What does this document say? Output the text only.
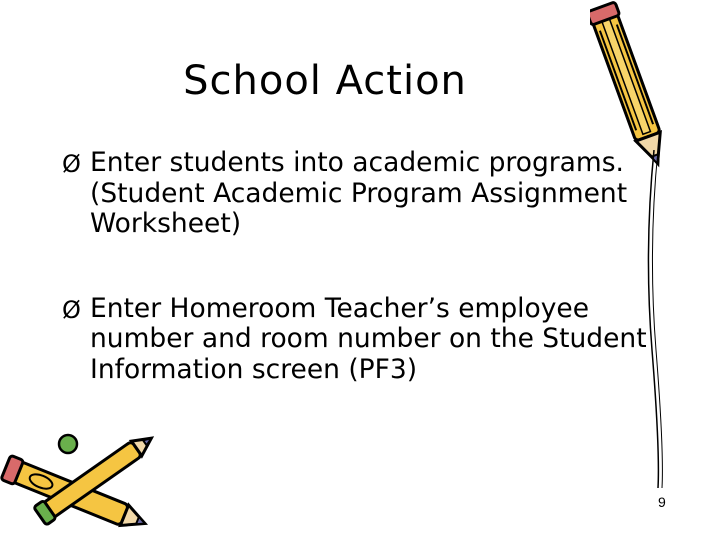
School Action
Ø Enter students into academic programs. (Student Academic Program Assignment Worksheet)
Ø Enter Homeroom Teacher’s employee number and room number on the Student Information screen (PF3)
9
